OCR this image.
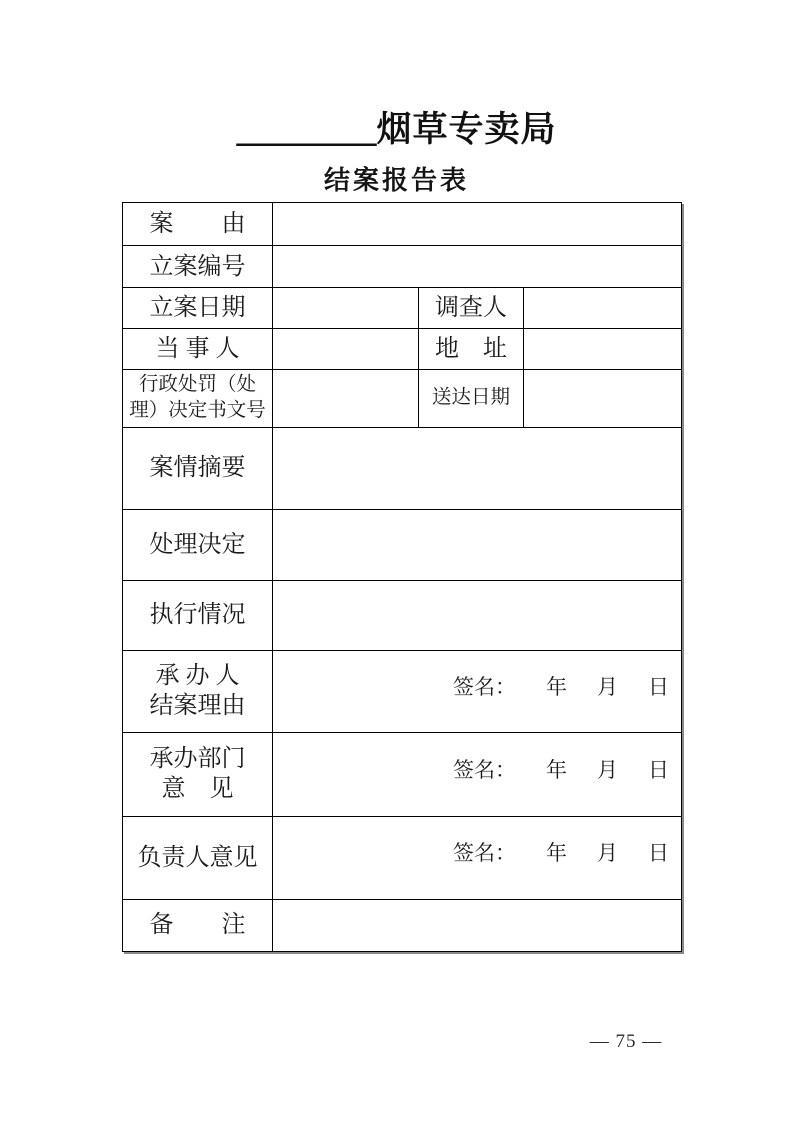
________烟草专卖局
结案报告表
案　　由			
立案编号			
立案日期		调查人	
当 事 人		地　址	

行政处罚（处
理）决定书文号		送达日期	
案情摘要			
处理决定			
执行情况			

承 办 人
结案理由	签名： 年 月 日		

承办部门
意　见	签名： 年 月 日		

负责人意见	签名： 年 月 日		

备　　注			
— 75 —
